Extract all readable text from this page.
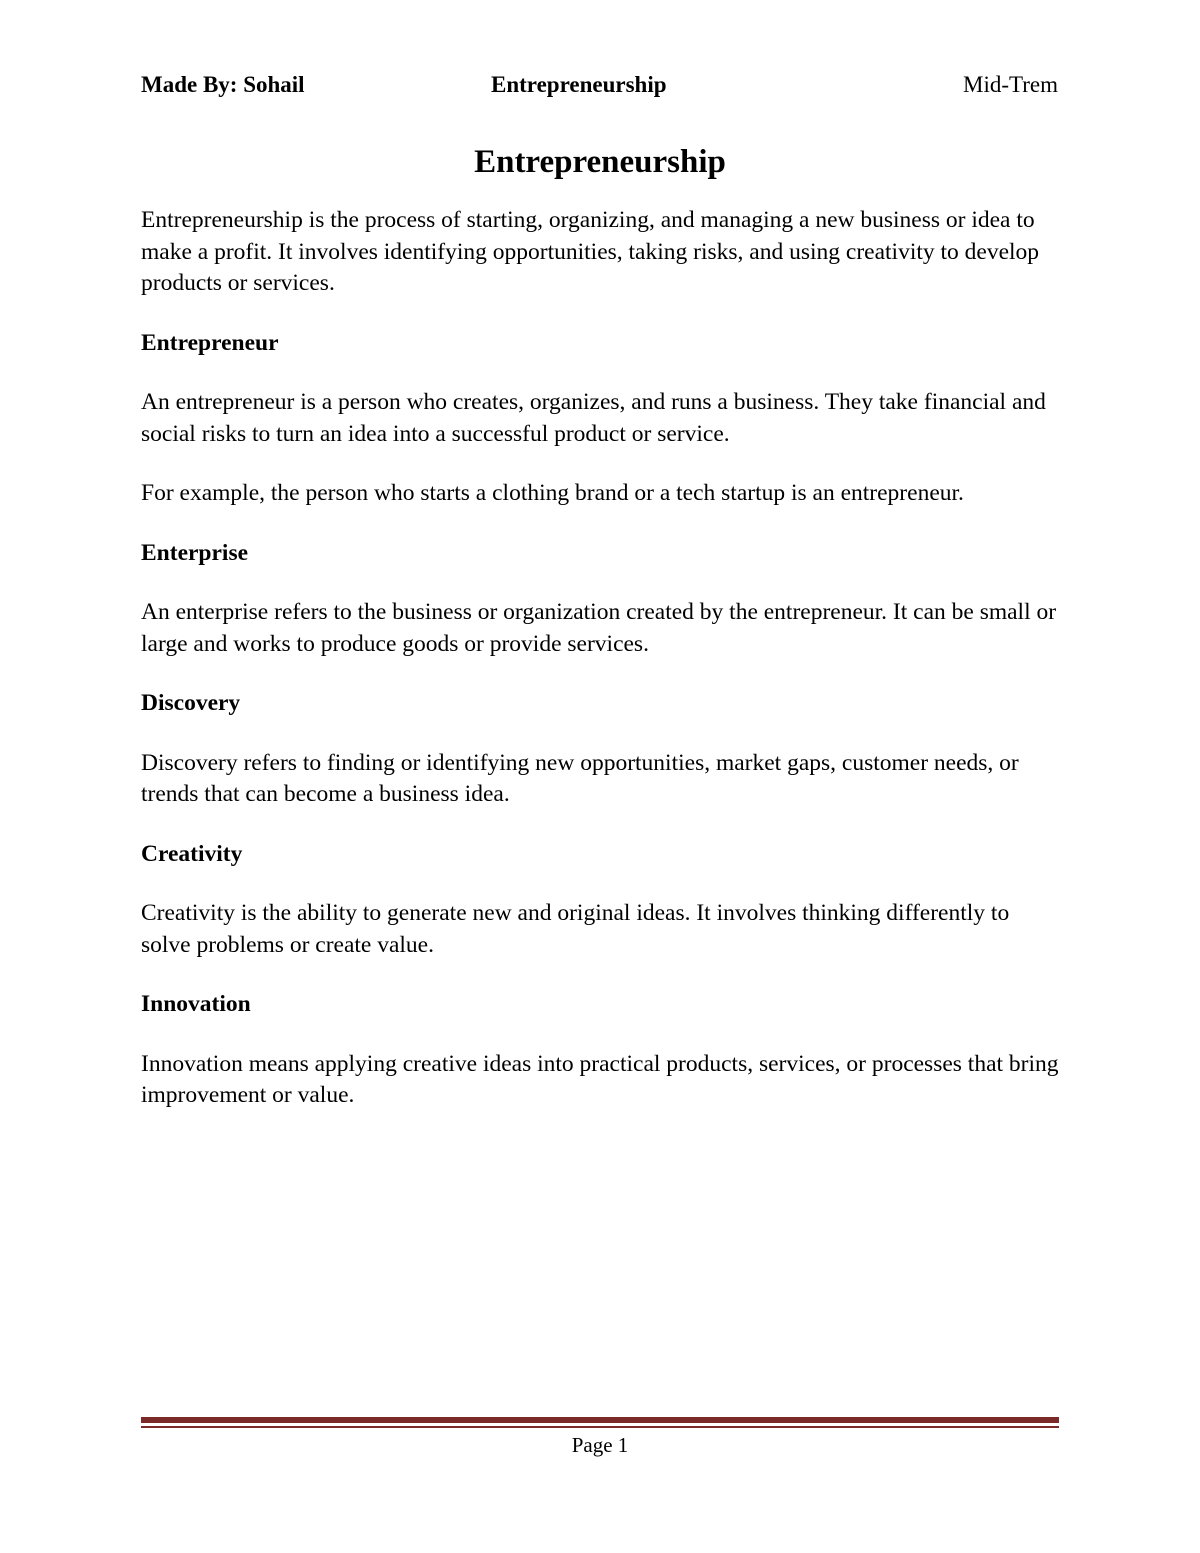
Made By: Sohail	Entrepreneurship	Mid-Trem
Entrepreneurship

Entrepreneurship is the process of starting, organizing, and managing a new business or idea to make a profit. It involves identifying opportunities, taking risks, and using creativity to develop products or services.

Entrepreneur

An entrepreneur is a person who creates, organizes, and runs a business. They take financial and social risks to turn an idea into a successful product or service.

For example, the person who starts a clothing brand or a tech startup is an entrepreneur.

Enterprise

An enterprise refers to the business or organization created by the entrepreneur. It can be small or large and works to produce goods or provide services.

Discovery

Discovery refers to finding or identifying new opportunities, market gaps, customer needs, or trends that can become a business idea.

Creativity

Creativity is the ability to generate new and original ideas. It involves thinking differently to solve problems or create value.

Innovation

Innovation means applying creative ideas into practical products, services, or processes that bring improvement or value.

Page 1
